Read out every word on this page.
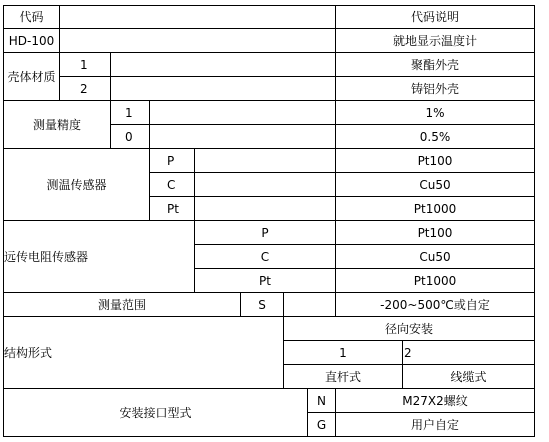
代码	代码说明
HD-100	就地显示温度计
壳体材质
1	聚酯外壳
2	铸铝外壳
测量精度
1	1%
0	0.5%
测温传感器
P	Pt100
C	Cu50
Pt	Pt1000
远传电阻传感器
P	Pt100
C	Cu50
Pt	Pt1000
测量范围	S	-200~500℃或自定
结构形式
径向安装
1	2
直杆式	线缆式
安装接口型式
N	M27X2螺纹
G	用户自定
